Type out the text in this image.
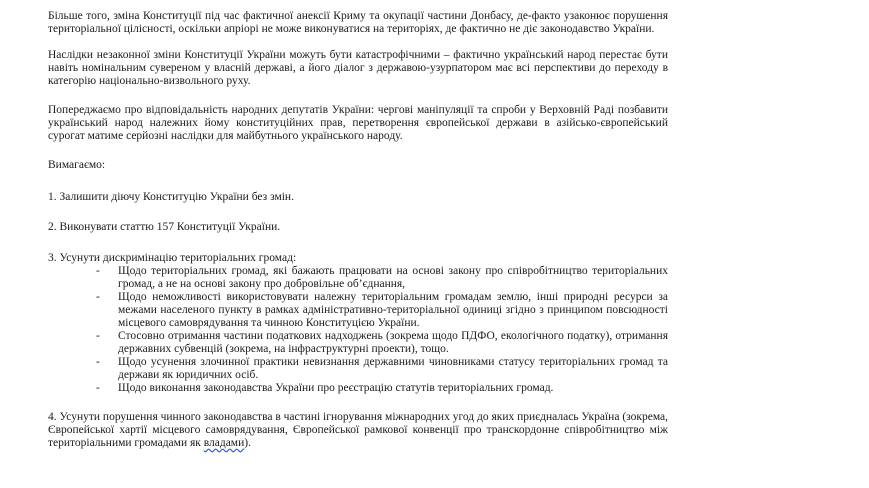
Більше того, зміна Конституції під час фактичної анексії Криму та окупації частини Донбасу, де-факто узаконює порушення територіальної цілісності, оскільки апріорі не може виконуватися на територіях, де фактично не діє законодавство України.

Наслідки незаконної зміни Конституції України можуть бути катастрофічними – фактично український народ перестає бути навіть номінальним сувереном у власній державі, а його діалог з державою-узурпатором має всі перспективи до переходу в категорію національно-визвольного руху.

Попереджаємо про відповідальність народних депутатів України: чергові маніпуляції та спроби у Верховній Раді позбавити український народ належних йому конституційних прав, перетворення європейської держави в азійсько-європейський сурогат матиме серйозні наслідки для майбутнього українського народу.

Вимагаємо:

1. Залишити діючу Конституцію України без змін.

2. Виконувати статтю 157 Конституції України.

3. Усунути дискримінацію територіальних громад:

- Щодо територіальних громад, які бажають працювати на основі закону про співробітництво територіальних громад, а не на основі закону про добровільне об’єднання,
- Щодо неможливості використовувати належну територіальним громадам землю, інші природні ресурси за межами населеного пункту в рамках адміністративно-територіальної одиниці згідно з принципом повсюдності місцевого самоврядування та чинною Конституцією України.
- Стосовно отримання частини податкових надходжень (зокрема щодо ПДФО, екологічного податку), отримання державних субвенцій (зокрема, на інфраструктурні проекти), тощо.
- Щодо усунення злочинної практики невизнання державними чиновниками статусу територіальних громад та держави як юридичних осіб.
- Щодо виконання законодавства України про реєстрацію статутів територіальних громад.

4. Усунути порушення чинного законодавства в частині ігнорування міжнародних угод до яких приєдналась Україна (зокрема, Європейської хартії місцевого самоврядування, Європейської рамкової конвенції про транскордонне співробітництво між територіальними громадами як владами).
